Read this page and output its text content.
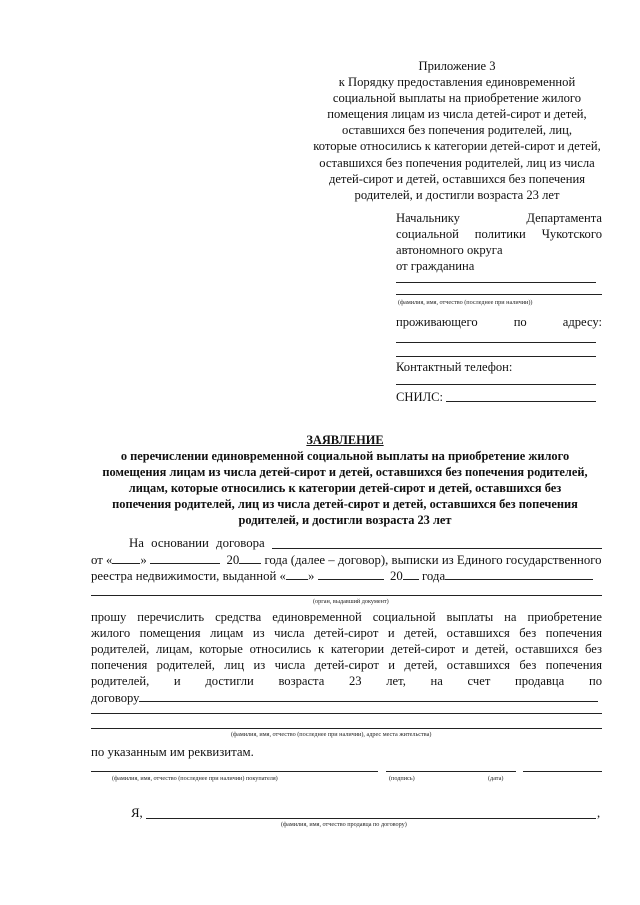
Приложение 3
к Порядку предоставления единовременной
социальной выплаты на приобретение жилого
помещения лицам из числа детей-сирот и детей,
оставшихся без попечения родителей, лиц,
которые относились к категории детей-сирот и детей,
оставшихся без попечения родителей, лиц из числа
детей-сирот и детей, оставшихся без попечения
родителей, и достигли возраста 23 лет
Начальнику Департамента
социальной политики Чукотского
автономного округа
от гражданина
(фамилия, имя, отчество (последнее при наличии))
проживающего по адресу:
Контактный телефон:
СНИЛС:
ЗАЯВЛЕНИЕ
о перечислении единовременной социальной выплаты на приобретение жилого
помещения лицам из числа детей-сирот и детей, оставшихся без попечения родителей,
лицам, которые относились к категории детей-сирот и детей, оставшихся без
попечения родителей, лиц из числа детей-сирот и детей, оставшихся без попечения
родителей, и достигли возраста 23 лет
На основании договора
от « »	20 года (далее – договор), выписки из Единого государственного
реестра недвижимости, выданной « »	20 года
(орган, выдавший документ)
прошу перечислить средства единовременной социальной выплаты на приобретение
жилого помещения лицам из числа детей-сирот и детей, оставшихся без попечения
родителей, лицам, которые относились к категории детей-сирот и детей, оставшихся без
попечения родителей, лиц из числа детей-сирот и детей, оставшихся без попечения
родителей, и достигли возраста 23 лет, на счет продавца по
договору
(фамилия, имя, отчество (последнее при наличии), адрес места жительства)
по указанным им реквизитам.
(фамилия, имя, отчество (последнее при наличии) покупателя)	(подпись)	(дата)
Я,	,
(фамилия, имя, отчество продавца по договору)
